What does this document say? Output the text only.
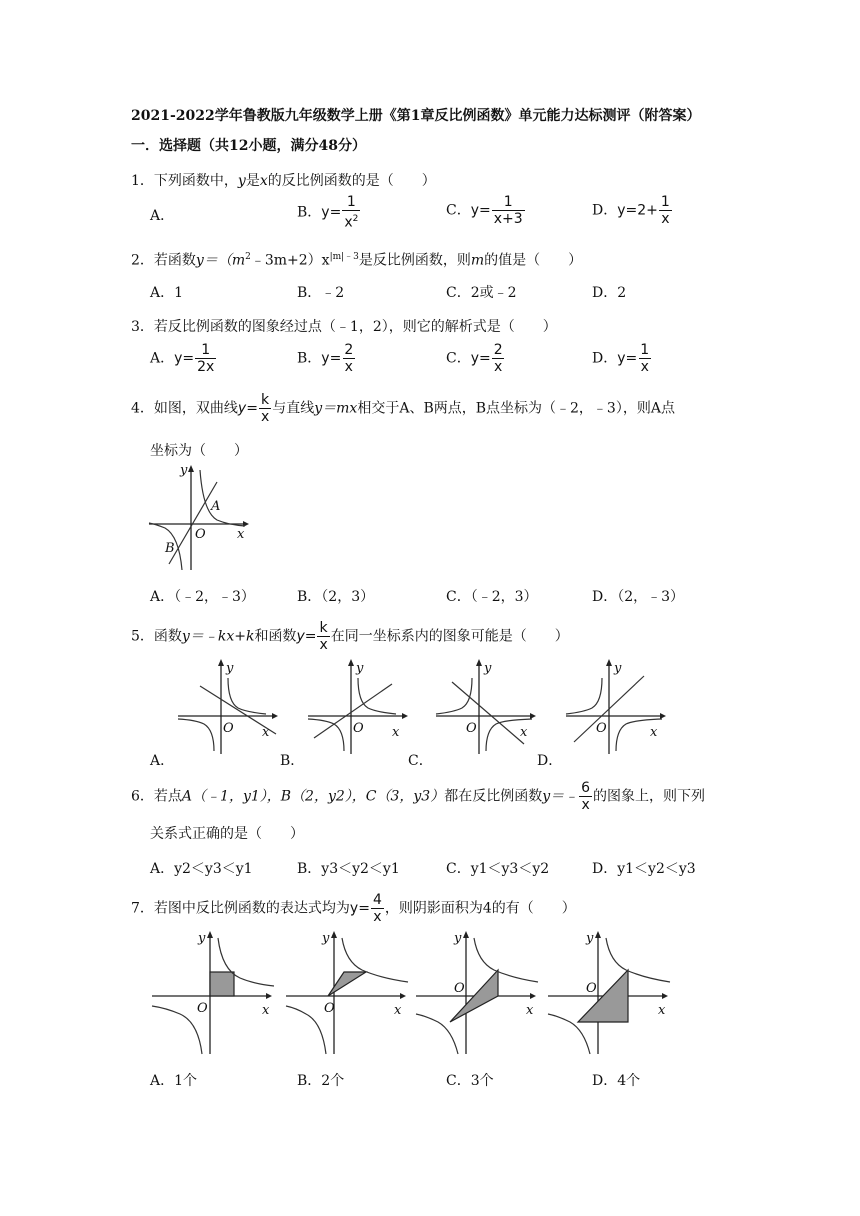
2021-2022学年鲁教版九年级数学上册《第1章反比例函数》单元能力达标测评（附答案）
一．选择题（共12小题，满分48分）
1．下列函数中，y是x的反比例函数的是（　　）
A．	B．$y= \frac{1}{x^2}$	C．$y= \frac{1}{x+3}$	D．$y=2+ \frac{1}{x}$
2．若函数$y=(m^2﹣3m+2)x^{|m|﹣3}$是反比例函数，则m的值是（　　）
A．1	B．﹣2	C．2或﹣2	D．2
3．若反比例函数的图象经过点（﹣1，2），则它的解析式是（　　）
A．$y= \frac{1}{2x}$	B．$y= \frac{2}{x}$	C．$y= \frac{2}{x}$	D．$y= \frac{1}{x}$
4．如图，双曲线$y= \frac{k}{x}$ 与直线y＝mx相交于A、B两点，B点坐标为（﹣2，﹣3），则A点
坐标为（　　）
y
x
O
A
B
A．（﹣2，﹣3）	B．（2，3）	C．（﹣2，3）	D．（2，﹣3）
5．函数y＝﹣kx+k和函数$y= \frac{k}{x}$ 在同一坐标系内的图象可能是（　　）
y
x
O
y
x
O
y
x
O
y
x
O
A．	B．	C．	D．
6．若点A（﹣1，y1），B（2，y2），C（3，y3）都在反比例函数y＝﹣ $\frac{6}{x}$ 的图象上，则下列
关系式正确的是（　　）
A．y2＜y3＜y1	B．y3＜y2＜y1	C．y1＜y3＜y2	D．y1＜y2＜y3
7．若图中反比例函数的表达式均为$y= \frac{4}{x}$ ，则阴影面积为4的有（　　）
y
x
O
y
x
O
y
x
O
y
x
O
A．1个	B．2个	C．3个	D．4个
